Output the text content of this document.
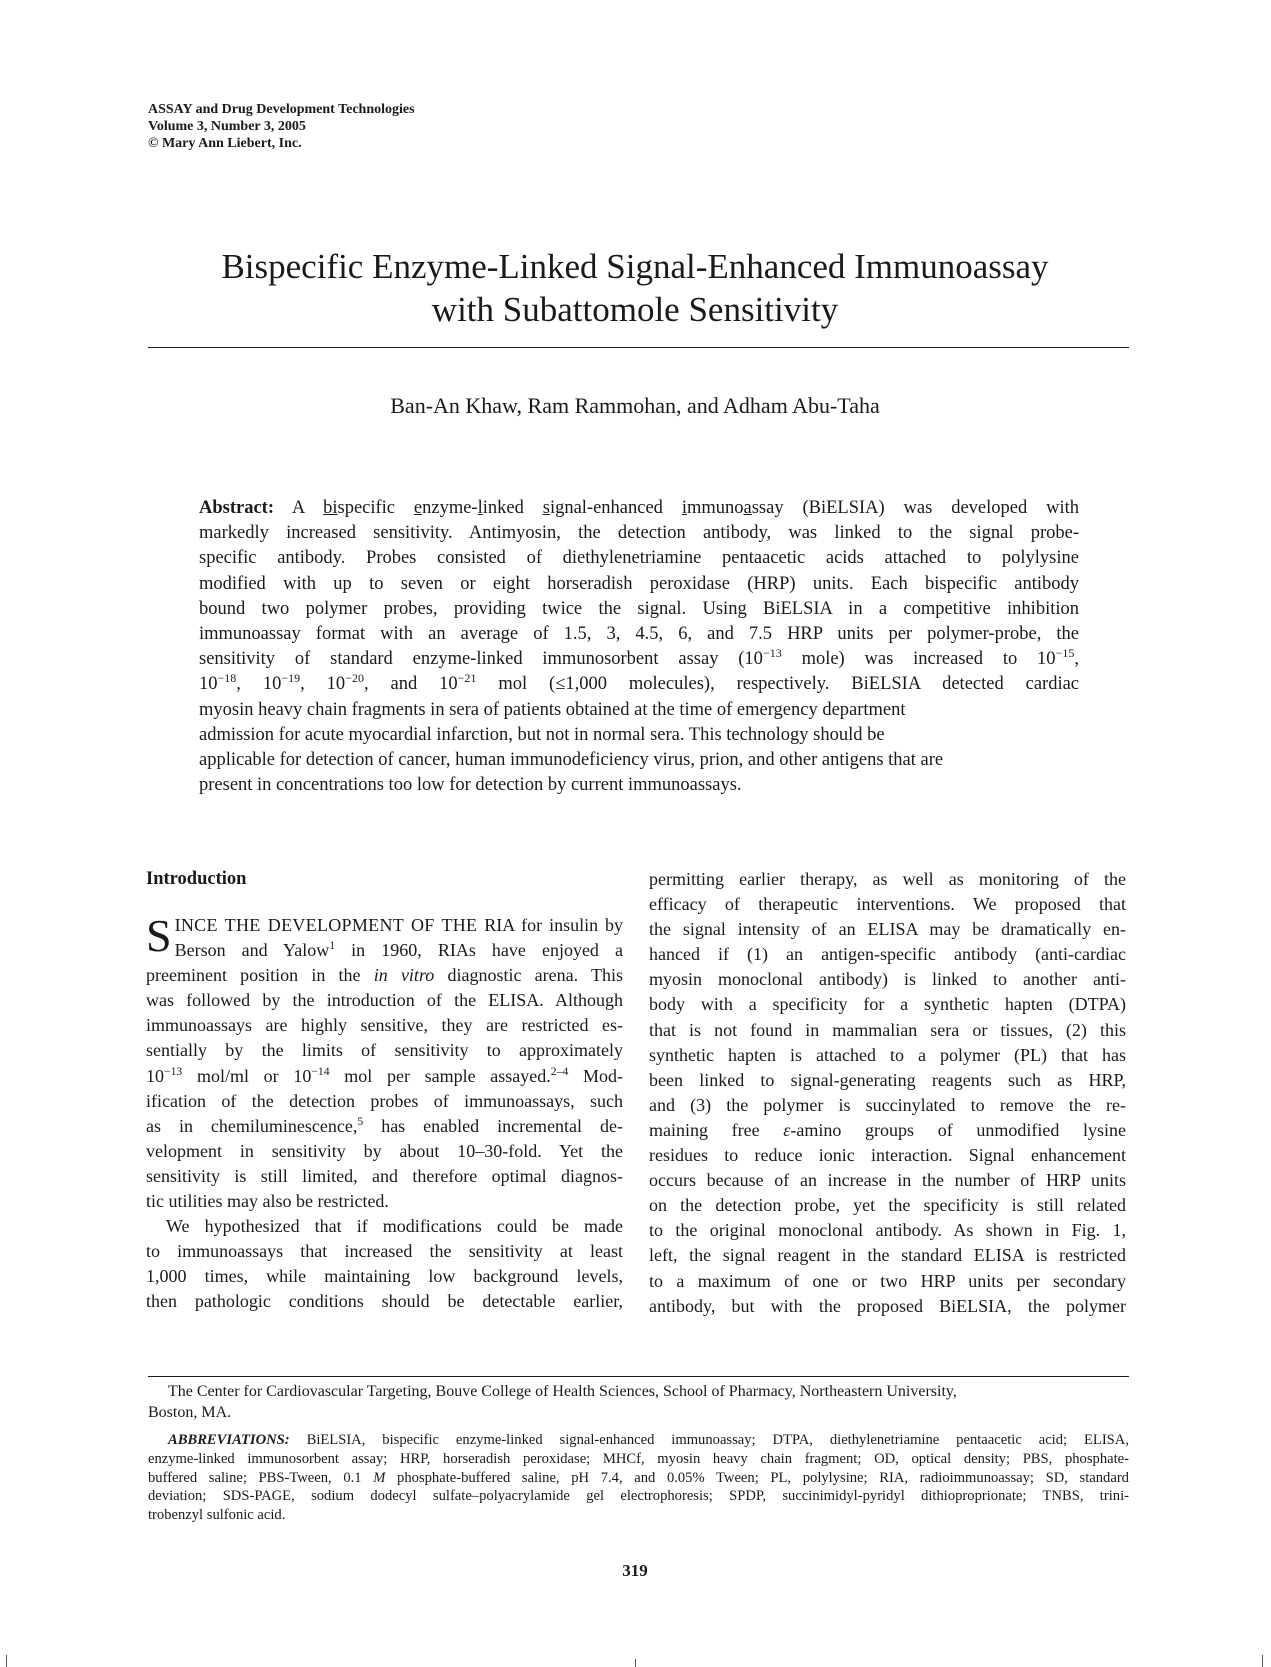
ASSAY and Drug Development Technologies
Volume 3, Number 3, 2005
© Mary Ann Liebert, Inc.
Bispecific Enzyme-Linked Signal-Enhanced Immunoassay
with Subattomole Sensitivity
Ban-An Khaw, Ram Rammohan, and Adham Abu-Taha
Abstract: A bispecific enzyme-linked signal-enhanced immunoassay (BiELSIA) was developed with
markedly increased sensitivity. Antimyosin, the detection antibody, was linked to the signal probe-
specific antibody. Probes consisted of diethylenetriamine pentaacetic acids attached to polylysine
modified with up to seven or eight horseradish peroxidase (HRP) units. Each bispecific antibody
bound two polymer probes, providing twice the signal. Using BiELSIA in a competitive inhibition
immunoassay format with an average of 1.5, 3, 4.5, 6, and 7.5 HRP units per polymer-probe, the
sensitivity of standard enzyme-linked immunosorbent assay ($10^{-13}$ mole) was increased to $10^{-15}$,
$10^{-18}$, $10^{-19}$, $10^{-20}$, and $10^{-21}$ mol (≤1,000 molecules), respectively. BiELSIA detected cardiac
myosin heavy chain fragments in sera of patients obtained at the time of emergency department
admission for acute myocardial infarction, but not in normal sera. This technology should be
applicable for detection of cancer, human immunodeficiency virus, prion, and other antigens that are
present in concentrations too low for detection by current immunoassays.
Introduction
S INCE THE DEVELOPMENT OF THE RIA for insulin by
Berson and Yalow$^1$ in 1960, RIAs have enjoyed a
preeminent position in the in vitro diagnostic arena. This
was followed by the introduction of the ELISA. Although
immunoassays are highly sensitive, they are restricted es-
sentially by the limits of sensitivity to approximately
$10^{-13}$ mol/ml or $10^{-14}$ mol per sample assayed.$^{2-4}$ Mod-
ification of the detection probes of immunoassays, such
as in chemiluminescence,$^5$ has enabled incremental de-
velopment in sensitivity by about 10–30-fold. Yet the
sensitivity is still limited, and therefore optimal diagnos-
tic utilities may also be restricted.
We hypothesized that if modifications could be made
to immunoassays that increased the sensitivity at least
1,000 times, while maintaining low background levels,
then pathologic conditions should be detectable earlier,
permitting earlier therapy, as well as monitoring of the
efficacy of therapeutic interventions. We proposed that
the signal intensity of an ELISA may be dramatically en-
hanced if (1) an antigen-specific antibody (anti-cardiac
myosin monoclonal antibody) is linked to another anti-
body with a specificity for a synthetic hapten (DTPA)
that is not found in mammalian sera or tissues, (2) this
synthetic hapten is attached to a polymer (PL) that has
been linked to signal-generating reagents such as HRP,
and (3) the polymer is succinylated to remove the re-
maining free ε-amino groups of unmodified lysine
residues to reduce ionic interaction. Signal enhancement
occurs because of an increase in the number of HRP units
on the detection probe, yet the specificity is still related
to the original monoclonal antibody. As shown in Fig. 1,
left, the signal reagent in the standard ELISA is restricted
to a maximum of one or two HRP units per secondary
antibody, but with the proposed BiELSIA, the polymer
The Center for Cardiovascular Targeting, Bouve College of Health Sciences, School of Pharmacy, Northeastern University,
Boston, MA.
ABBREVIATIONS: BiELSIA, bispecific enzyme-linked signal-enhanced immunoassay; DTPA, diethylenetriamine pentaacetic acid; ELISA,
enzyme-linked immunosorbent assay; HRP, horseradish peroxidase; MHCf, myosin heavy chain fragment; OD, optical density; PBS, phosphate-
buffered saline; PBS-Tween, 0.1 M phosphate-buffered saline, pH 7.4, and 0.05% Tween; PL, polylysine; RIA, radioimmunoassay; SD, standard
deviation; SDS-PAGE, sodium dodecyl sulfate–polyacrylamide gel electrophoresis; SPDP, succinimidyl-pyridyl dithioproprionate; TNBS, trini-
trobenzyl sulfonic acid.
319
